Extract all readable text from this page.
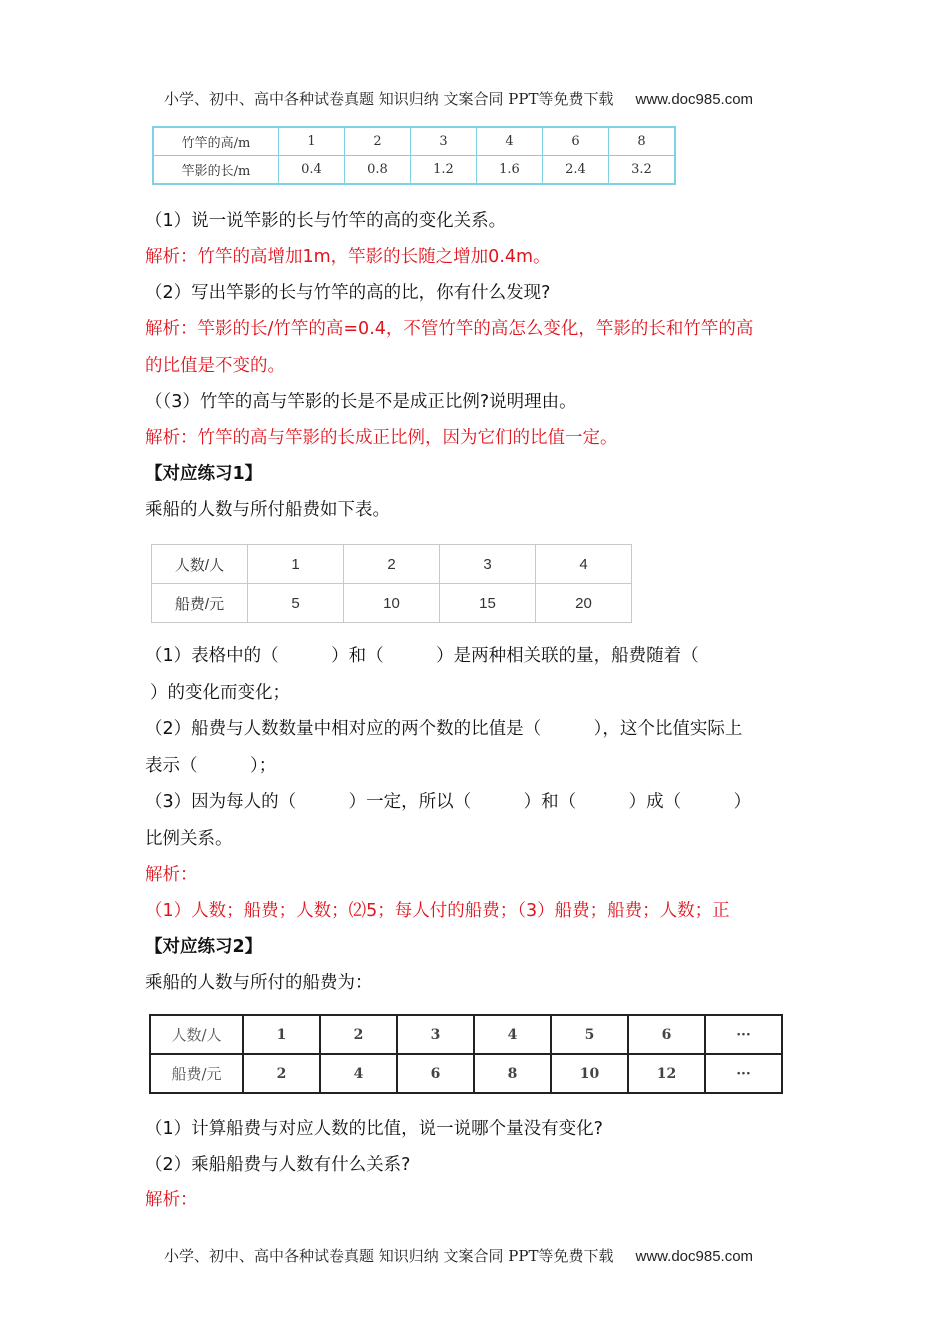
小学、初中、高中各种试卷真题 知识归纳 文案合同 PPT等免费下载 www.doc985.com
竹竿的高/m	1	2	3	4	6	8
竿影的长/m	0.4	0.8	1.2	1.6	2.4	3.2
（1）说一说竿影的长与竹竿的高的变化关系。
解析：竹竿的高增加1m，竿影的长随之增加0.4m。
（2）写出竿影的长与竹竿的高的比，你有什么发现?
解析：竿影的长/竹竿的高=0.4，不管竹竿的高怎么变化，竿影的长和竹竿的高
的比值是不变的。
（（3）竹竿的高与竿影的长是不是成正比例?说明理由。
解析：竹竿的高与竿影的长成正比例，因为它们的比值一定。
【对应练习1】
乘船的人数与所付船费如下表。
人数/人	1	2	3	4
船费/元	5	10	15	20
（1）表格中的（　　　）和（　　　）是两种相关联的量，船费随着（
）的变化而变化；
（2）船费与人数数量中相对应的两个数的比值是（　　　），这个比值实际上
表示（　　　）；
（3）因为每人的（　　　）一定，所以（　　　）和（　　　）成（　　　）
比例关系。
解析：
（1）人数；船费；人数；⑵5；每人付的船费；（3）船费；船费；人数；正
【对应练习2】
乘船的人数与所付的船费为：
人数/人	1	2	3	4	5	6	···
船费/元	2	4	6	8	10	12	···
（1）计算船费与对应人数的比值，说一说哪个量没有变化?
（2）乘船船费与人数有什么关系?
解析：
小学、初中、高中各种试卷真题 知识归纳 文案合同 PPT等免费下载 www.doc985.com
